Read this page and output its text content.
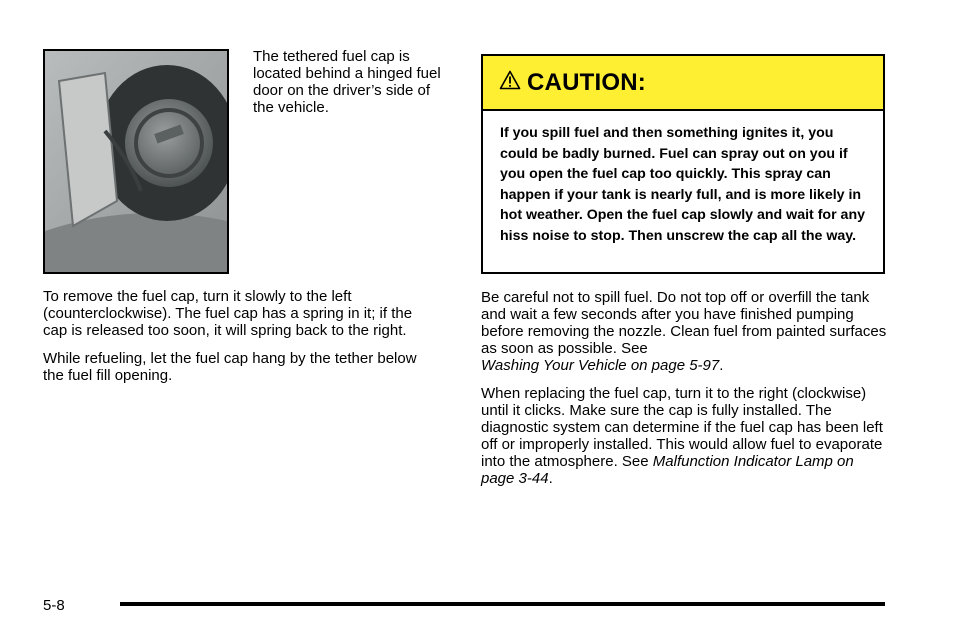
The tethered fuel cap is located behind a hinged fuel door on the driver’s side of the vehicle.

To remove the fuel cap, turn it slowly to the left (counterclockwise). The fuel cap has a spring in it; if the cap is released too soon, it will spring back to the right.

While refueling, let the fuel cap hang by the tether below the fuel fill opening.

CAUTION:
If you spill fuel and then something ignites it, you could be badly burned. Fuel can spray out on you if you open the fuel cap too quickly. This spray can happen if your tank is nearly full, and is more likely in hot weather. Open the fuel cap slowly and wait for any hiss noise to stop. Then unscrew the cap all the way.

Be careful not to spill fuel. Do not top off or overfill the tank and wait a few seconds after you have finished pumping before removing the nozzle. Clean fuel from painted surfaces as soon as possible. See
Washing Your Vehicle on page 5-97.

When replacing the fuel cap, turn it to the right (clockwise) until it clicks. Make sure the cap is fully installed. The diagnostic system can determine if the fuel cap has been left off or improperly installed. This would allow fuel to evaporate into the atmosphere. See Malfunction Indicator Lamp on page 3-44.

5-8
